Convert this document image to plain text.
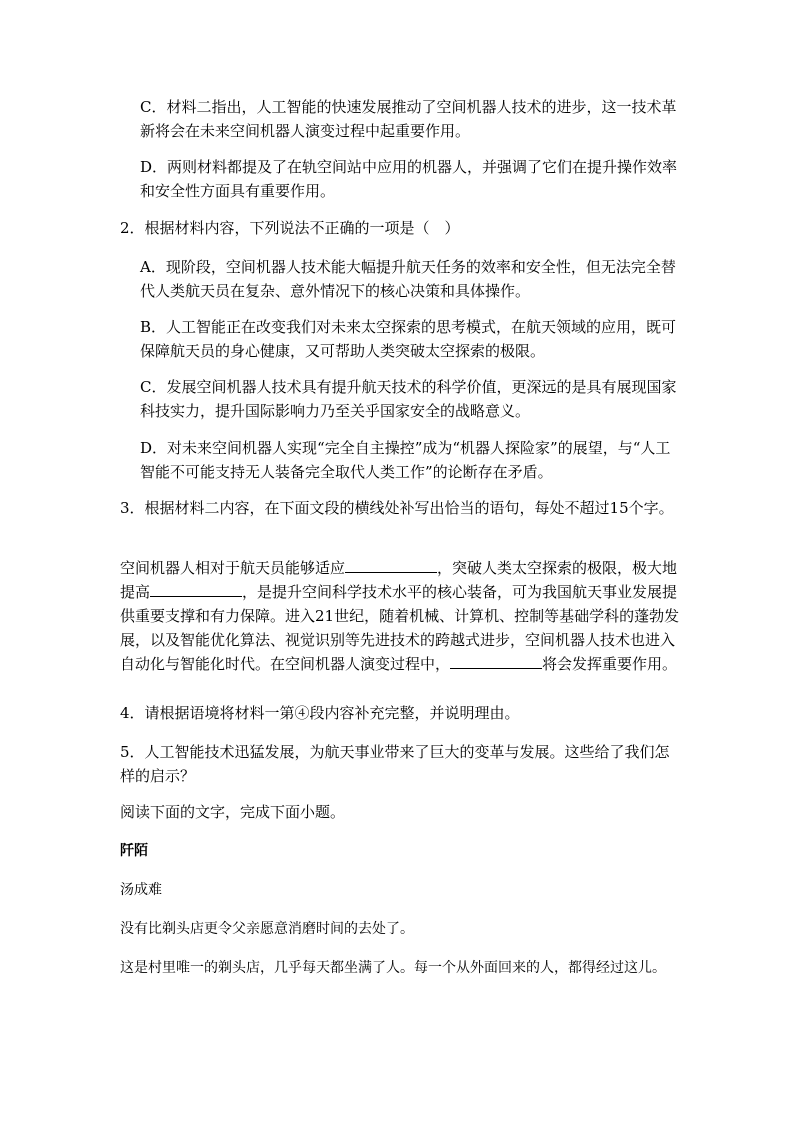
C．材料二指出，人工智能的快速发展推动了空间机器人技术的进步，这一技术革新将会在未来空间机器人演变过程中起重要作用。

D．两则材料都提及了在轨空间站中应用的机器人，并强调了它们在提升操作效率和安全性方面具有重要作用。

2．根据材料内容，下列说法不正确的一项是（　）

A．现阶段，空间机器人技术能大幅提升航天任务的效率和安全性，但无法完全替代人类航天员在复杂、意外情况下的核心决策和具体操作。

B．人工智能正在改变我们对未来太空探索的思考模式，在航天领域的应用，既可保障航天员的身心健康，又可帮助人类突破太空探索的极限。

C．发展空间机器人技术具有提升航天技术的科学价值，更深远的是具有展现国家科技实力，提升国际影响力乃至关乎国家安全的战略意义。

D．对未来空间机器人实现“完全自主操控”成为“机器人探险家”的展望，与“人工智能不可能支持无人装备完全取代人类工作”的论断存在矛盾。

3．根据材料二内容，在下面文段的横线处补写出恰当的语句，每处不超过15个字。

空间机器人相对于航天员能够适应	，突破人类太空探索的极限，极大地提高	，是提升空间科学技术水平的核心装备，可为我国航天事业发展提供重要支撑和有力保障。进入21世纪，随着机械、计算机、控制等基础学科的蓬勃发展，以及智能优化算法、视觉识别等先进技术的跨越式进步，空间机器人技术也进入自动化与智能化时代。在空间机器人演变过程中，	将会发挥重要作用。

4．请根据语境将材料一第④段内容补充完整，并说明理由。

5．人工智能技术迅猛发展，为航天事业带来了巨大的变革与发展。这些给了我们怎样的启示？

阅读下面的文字，完成下面小题。

阡陌

汤成难

没有比剃头店更令父亲愿意消磨时间的去处了。

这是村里唯一的剃头店，几乎每天都坐满了人。每一个从外面回来的人，都得经过这儿。
